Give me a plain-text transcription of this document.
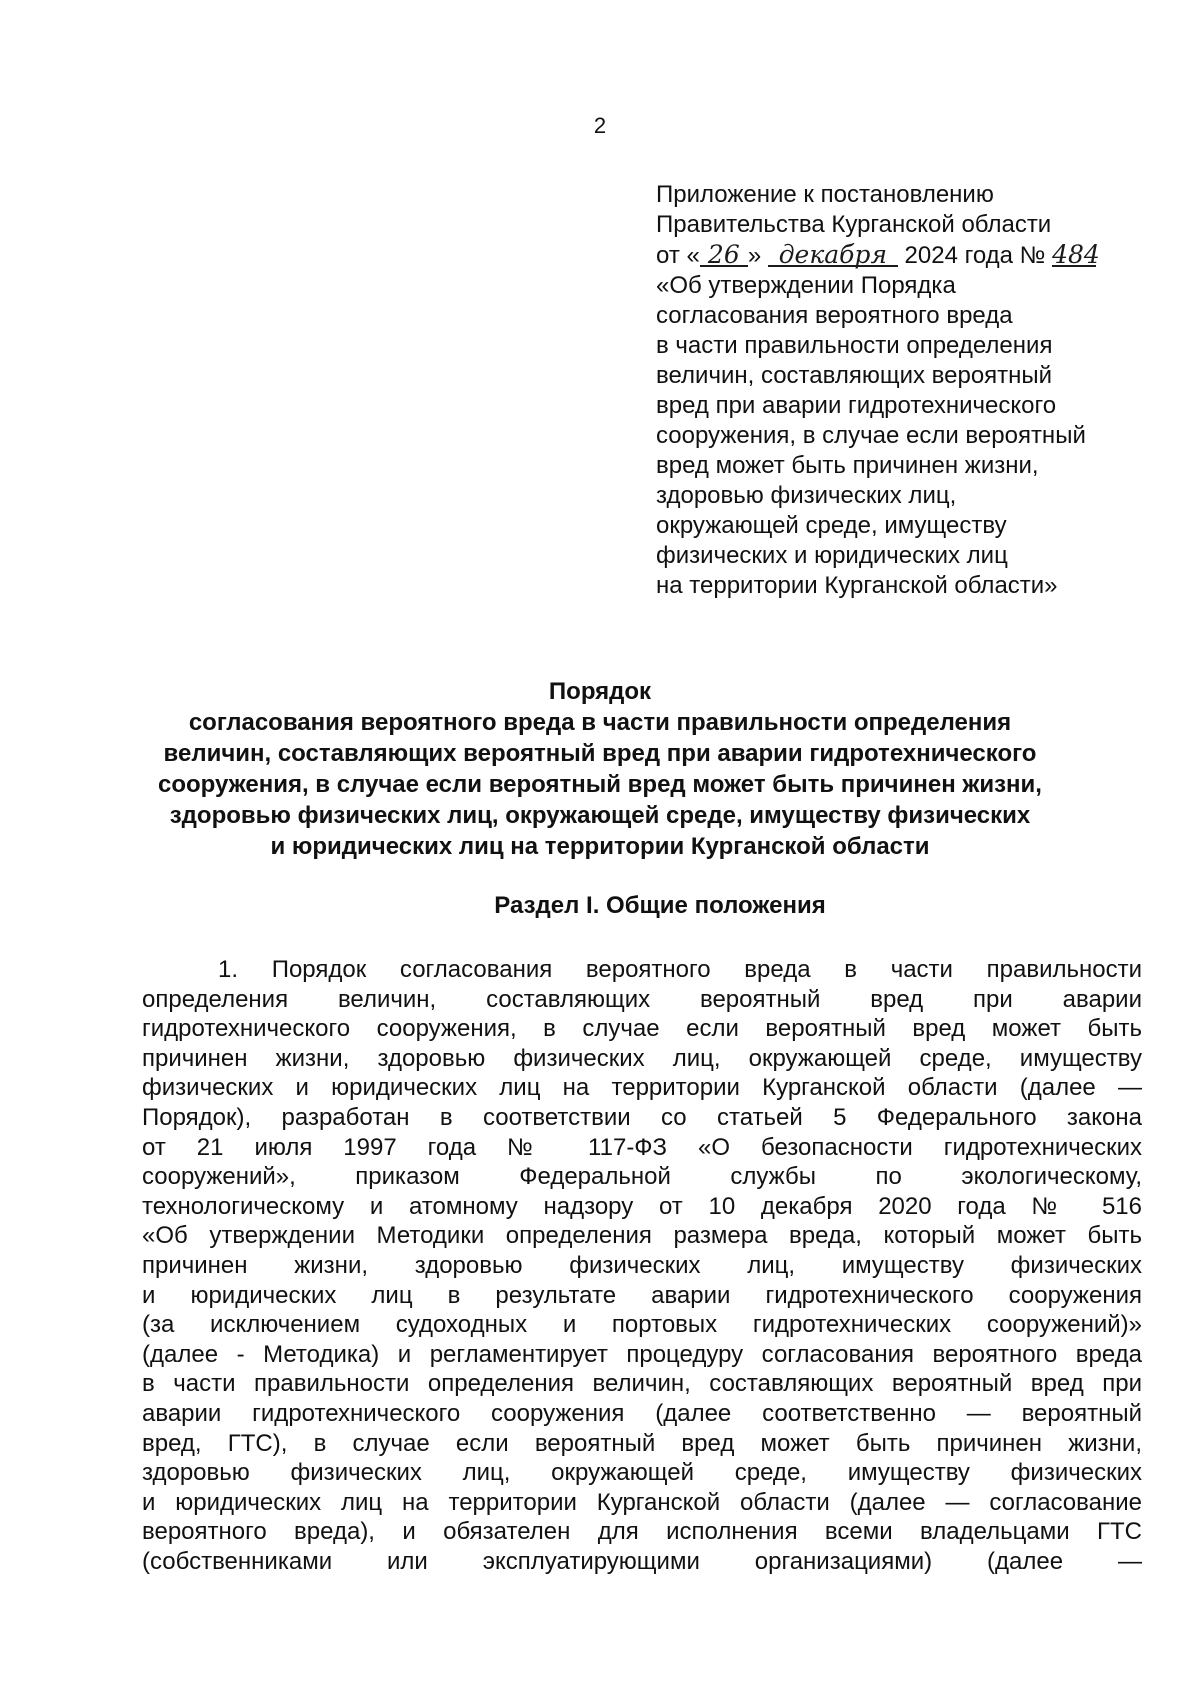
2
Приложение к постановлению
Правительства Курганской области
от « 26 » декабря 2024 года № 484
«Об утверждении Порядка
согласования вероятного вреда
в части правильности определения
величин, составляющих вероятный
вред при аварии гидротехнического
сооружения, в случае если вероятный
вред может быть причинен жизни,
здоровью физических лиц,
окружающей среде, имуществу
физических и юридических лиц
на территории Курганской области»
Порядок
согласования вероятного вреда в части правильности определения
величин, составляющих вероятный вред при аварии гидротехнического
сооружения, в случае если вероятный вред может быть причинен жизни,
здоровью физических лиц, окружающей среде, имуществу физических
и юридических лиц на территории Курганской области
Раздел I. Общие положения
1. Порядок согласования вероятного вреда в части правильности
определения величин, составляющих вероятный вред при аварии
гидротехнического сооружения, в случае если вероятный вред может быть
причинен жизни, здоровью физических лиц, окружающей среде, имуществу
физических и юридических лиц на территории Курганской области (далее —
Порядок), разработан в соответствии со статьей 5 Федерального закона
от 21 июля 1997 года № 117-ФЗ «О безопасности гидротехнических
сооружений», приказом Федеральной службы по экологическому,
технологическому и атомному надзору от 10 декабря 2020 года № 516
«Об утверждении Методики определения размера вреда, который может быть
причинен жизни, здоровью физических лиц, имуществу физических
и юридических лиц в результате аварии гидротехнического сооружения
(за исключением судоходных и портовых гидротехнических сооружений)»
(далее - Методика) и регламентирует процедуру согласования вероятного вреда
в части правильности определения величин, составляющих вероятный вред при
аварии гидротехнического сооружения (далее соответственно — вероятный
вред, ГТС), в случае если вероятный вред может быть причинен жизни,
здоровью физических лиц, окружающей среде, имуществу физических
и юридических лиц на территории Курганской области (далее — согласование
вероятного вреда), и обязателен для исполнения всеми владельцами ГТС
(собственниками или эксплуатирующими организациями) (далее —
